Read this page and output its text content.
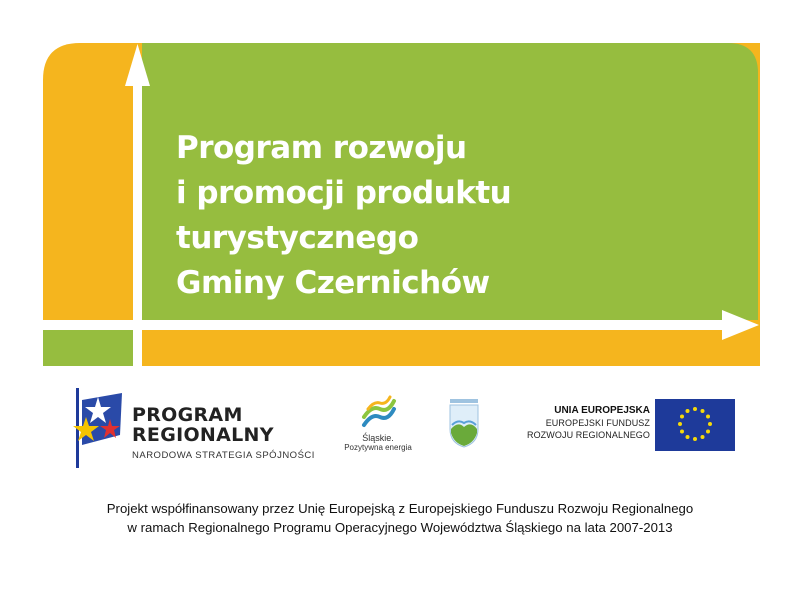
Program rozwoju
i promocji produktu
turystycznego
Gminy Czernichów
PROGRAM
REGIONALNY
NARODOWA STRATEGIA SPÓJNOŚCI
Śląskie.
Pozytywna energia
UNIA EUROPEJSKA
EUROPEJSKI FUNDUSZ
ROZWOJU REGIONALNEGO
Projekt współfinansowany przez Unię Europejską z Europejskiego Funduszu Rozwoju Regionalnego
w ramach Regionalnego Programu Operacyjnego Województwa Śląskiego na lata 2007-2013
